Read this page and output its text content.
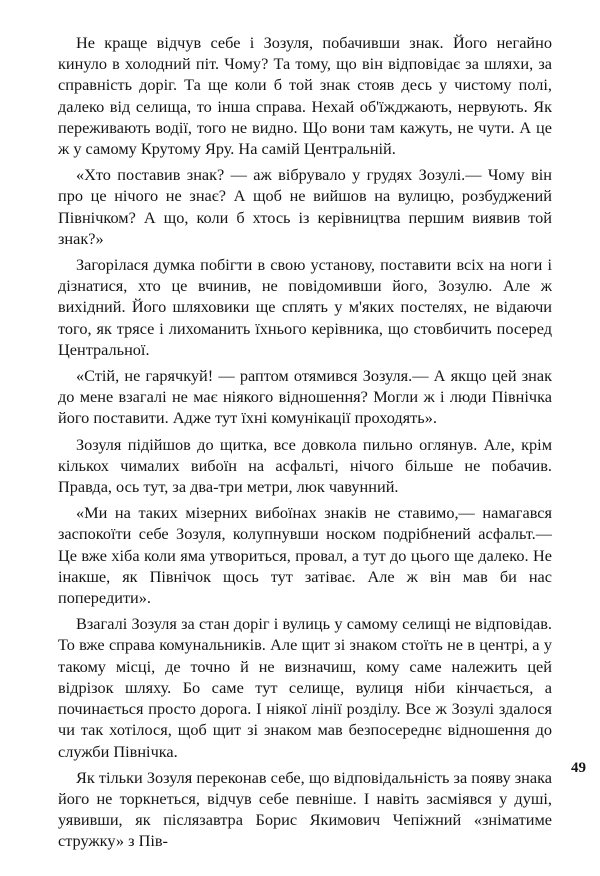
Не краще відчув себе і Зозуля, побачивши знак. Його негайно кинуло в холодний піт. Чому? Та тому, що він відповідає за шляхи, за справність доріг. Та ще коли б той знак стояв десь у чистому полі, далеко від селища, то інша справа. Нехай об'їжджають, нервують. Як переживають водії, того не видно. Що вони там кажуть, не чути. А це ж у самому Крутому Яру. На самій Центральній.

«Хто поставив знак? — аж вібрувало у грудях Зозулі.— Чому він про це нічого не знає? А щоб не вийшов на вулицю, розбуджений Північком? А що, коли б хтось із керівництва першим виявив той знак?»

Загорілася думка побігти в свою установу, поставити всіх на ноги і дізнатися, хто це вчинив, не повідомивши його, Зозулю. Але ж вихідний. Його шляховики ще сплять у м'яких постелях, не відаючи того, як трясе і лихоманить їхнього керівника, що стовбичить посеред Центральної.

«Стій, не гарячкуй! — раптом отямився Зозуля.— А якщо цей знак до мене взагалі не має ніякого відношення? Могли ж і люди Північка його поставити. Адже тут їхні комунікації проходять».

Зозуля підійшов до щитка, все довкола пильно оглянув. Але, крім кількох чималих вибоїн на асфальті, нічого більше не побачив. Правда, ось тут, за два-три метри, люк чавунний.

«Ми на таких мізерних вибоїнах знаків не ставимо,— намагався заспокоїти себе Зозуля, колупнувши носком подрібнений асфальт.— Це вже хіба коли яма утвориться, провал, а тут до цього ще далеко. Не інакше, як Північок щось тут затіває. Але ж він мав би нас попередити».

Взагалі Зозуля за стан доріг і вулиць у самому селищі не відповідав. То вже справа комунальників. Але щит зі знаком стоїть не в центрі, а у такому місці, де точно й не визначиш, кому саме належить цей відрізок шляху. Бо саме тут селище, вулиця ніби кінчається, а починається просто дорога. І ніякої лінії розділу. Все ж Зозулі здалося чи так хотілося, щоб щит зі знаком мав безпосереднє відношення до служби Північка.

Як тільки Зозуля переконав себе, що відповідальність за появу знака його не торкнеться, відчув себе певніше. І навіть засміявся у душі, уявивши, як післязавтра Борис Якимович Чепіжний «зніматиме стружку» з Пів-

49
